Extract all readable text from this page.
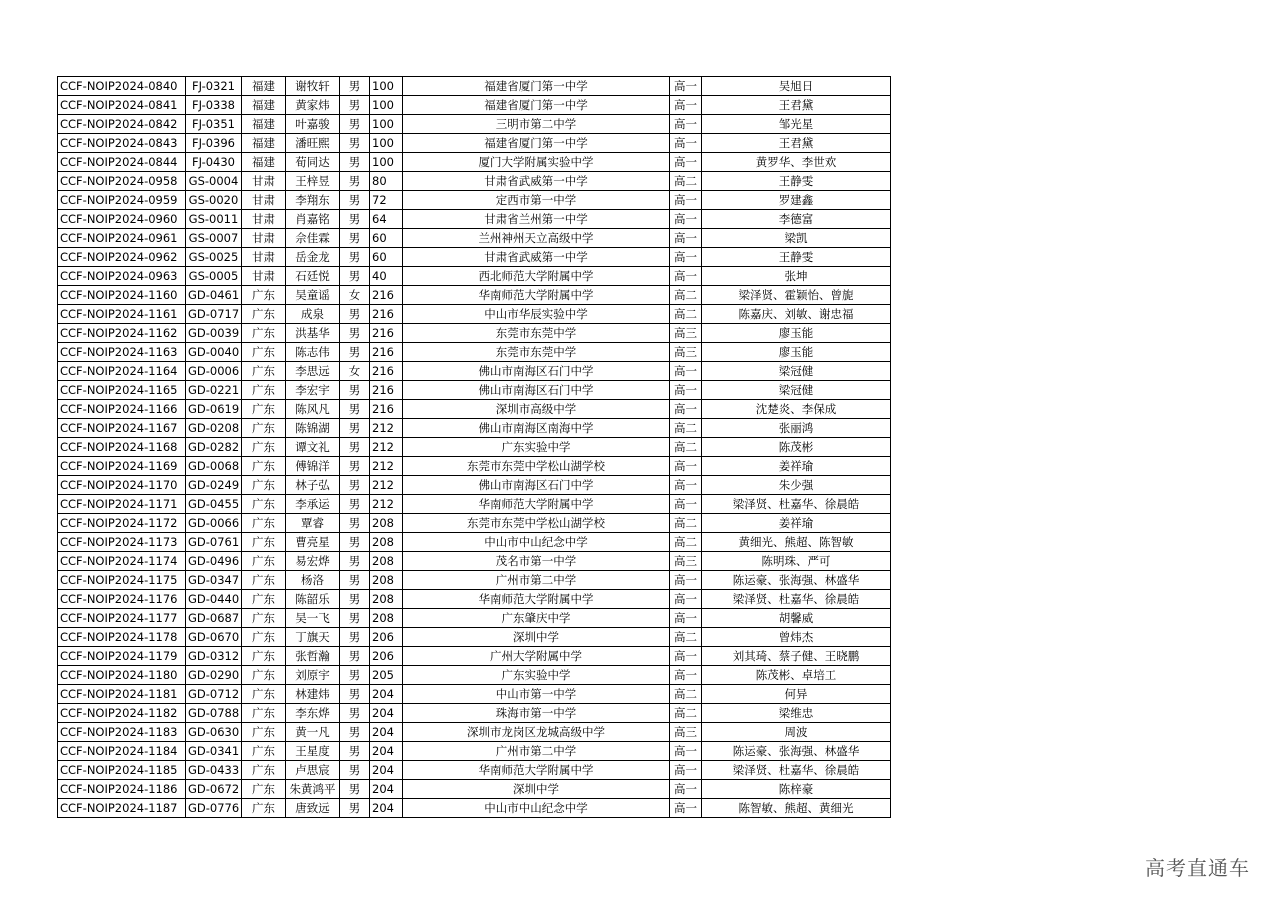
CCF-NOIP2024-0840	FJ-0321	福建	谢牧轩	男	100	福建省厦门第一中学	高一	吴旭日
CCF-NOIP2024-0841	FJ-0338	福建	黄家炜	男	100	福建省厦门第一中学	高一	王君黛
CCF-NOIP2024-0842	FJ-0351	福建	叶嘉骏	男	100	三明市第二中学	高一	邹光星
CCF-NOIP2024-0843	FJ-0396	福建	潘旺熙	男	100	福建省厦门第一中学	高一	王君黛
CCF-NOIP2024-0844	FJ-0430	福建	荀同达	男	100	厦门大学附属实验中学	高一	黄罗华、李世欢
CCF-NOIP2024-0958	GS-0004	甘肃	王梓昱	男	80	甘肃省武威第一中学	高二	王静雯
CCF-NOIP2024-0959	GS-0020	甘肃	李翔东	男	72	定西市第一中学	高一	罗建鑫
CCF-NOIP2024-0960	GS-0011	甘肃	肖嘉铭	男	64	甘肃省兰州第一中学	高一	李德富
CCF-NOIP2024-0961	GS-0007	甘肃	佘佳霖	男	60	兰州神州天立高级中学	高一	梁凯
CCF-NOIP2024-0962	GS-0025	甘肃	岳金龙	男	60	甘肃省武威第一中学	高一	王静雯
CCF-NOIP2024-0963	GS-0005	甘肃	石廷悦	男	40	西北师范大学附属中学	高一	张坤
CCF-NOIP2024-1160	GD-0461	广东	吴童谣	女	216	华南师范大学附属中学	高二	梁泽贤、霍颖怡、曾旎
CCF-NOIP2024-1161	GD-0717	广东	成泉	男	216	中山市华辰实验中学	高二	陈嘉庆、刘敏、谢忠福
CCF-NOIP2024-1162	GD-0039	广东	洪基华	男	216	东莞市东莞中学	高三	廖玉能
CCF-NOIP2024-1163	GD-0040	广东	陈志伟	男	216	东莞市东莞中学	高三	廖玉能
CCF-NOIP2024-1164	GD-0006	广东	李思远	女	216	佛山市南海区石门中学	高一	梁冠健
CCF-NOIP2024-1165	GD-0221	广东	李宏宇	男	216	佛山市南海区石门中学	高一	梁冠健
CCF-NOIP2024-1166	GD-0619	广东	陈风凡	男	216	深圳市高级中学	高一	沈楚炎、李保成
CCF-NOIP2024-1167	GD-0208	广东	陈锦湖	男	212	佛山市南海区南海中学	高二	张丽鸿
CCF-NOIP2024-1168	GD-0282	广东	谭文礼	男	212	广东实验中学	高二	陈茂彬
CCF-NOIP2024-1169	GD-0068	广东	傅锦洋	男	212	东莞市东莞中学松山湖学校	高一	姜祥瑜
CCF-NOIP2024-1170	GD-0249	广东	林子弘	男	212	佛山市南海区石门中学	高一	朱少强
CCF-NOIP2024-1171	GD-0455	广东	李承运	男	212	华南师范大学附属中学	高一	梁泽贤、杜嘉华、徐晨皓
CCF-NOIP2024-1172	GD-0066	广东	覃睿	男	208	东莞市东莞中学松山湖学校	高二	姜祥瑜
CCF-NOIP2024-1173	GD-0761	广东	曹亮星	男	208	中山市中山纪念中学	高二	黄细光、熊超、陈智敏
CCF-NOIP2024-1174	GD-0496	广东	易宏烨	男	208	茂名市第一中学	高三	陈明珠、严可
CCF-NOIP2024-1175	GD-0347	广东	杨洛	男	208	广州市第二中学	高一	陈运豪、张海强、林盛华
CCF-NOIP2024-1176	GD-0440	广东	陈韶乐	男	208	华南师范大学附属中学	高一	梁泽贤、杜嘉华、徐晨皓
CCF-NOIP2024-1177	GD-0687	广东	吴一飞	男	208	广东肇庆中学	高一	胡馨威
CCF-NOIP2024-1178	GD-0670	广东	丁旗天	男	206	深圳中学	高二	曾炜杰
CCF-NOIP2024-1179	GD-0312	广东	张哲瀚	男	206	广州大学附属中学	高一	刘其琦、蔡子健、王晓鹏
CCF-NOIP2024-1180	GD-0290	广东	刘原宇	男	205	广东实验中学	高一	陈茂彬、卓培工
CCF-NOIP2024-1181	GD-0712	广东	林建炜	男	204	中山市第一中学	高二	何异
CCF-NOIP2024-1182	GD-0788	广东	李东烨	男	204	珠海市第一中学	高二	梁维忠
CCF-NOIP2024-1183	GD-0630	广东	黄一凡	男	204	深圳市龙岗区龙城高级中学	高三	周波
CCF-NOIP2024-1184	GD-0341	广东	王星度	男	204	广州市第二中学	高一	陈运豪、张海强、林盛华
CCF-NOIP2024-1185	GD-0433	广东	卢思宸	男	204	华南师范大学附属中学	高一	梁泽贤、杜嘉华、徐晨皓
CCF-NOIP2024-1186	GD-0672	广东	朱黄鸿平	男	204	深圳中学	高一	陈梓豪
CCF-NOIP2024-1187	GD-0776	广东	唐致远	男	204	中山市中山纪念中学	高一	陈智敏、熊超、黄细光
高考直通车
